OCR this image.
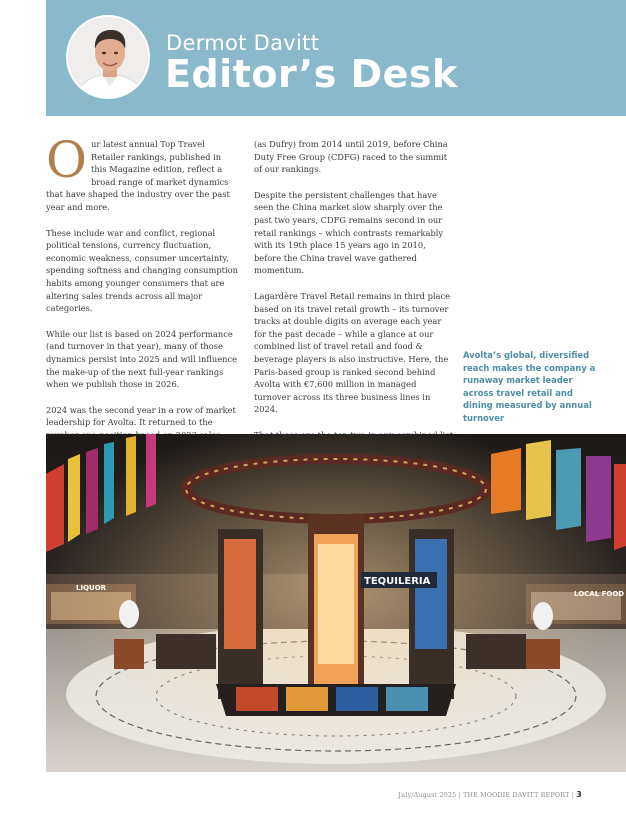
Dermot Davitt
Editor’s Desk

Our latest annual Top Travel Retailer rankings, published in this Magazine edition, reflect a broad range of market dynamics that have shaped the industry over the past year and more.

These include war and conflict, regional political tensions, currency fluctuation, economic weakness, consumer uncertainty, spending softness and changing consumption habits among younger consumers that are altering sales trends across all major categories.

While our list is based on 2024 performance (and turnover in that year), many of those dynamics persist into 2025 and will influence the make-up of the next full-year rankings when we publish those in 2026.

2024 was the second year in a row of market leadership for Avolta. It returned to the

(as Dufry) from 2014 until 2019, before China Duty Free Group (CDFG) raced to the summit of our rankings.

Despite the persistent challenges that have seen the China market slow sharply over the past two years, CDFG remains second in our retail rankings – which contrasts remarkably with its 19th place 15 years ago in 2010, before the China travel wave gathered momentum.

Lagardère Travel Retail remains in third place based on its travel retail growth – its turnover tracks at double digits on average each year for the past decade – while a glance at our combined list of travel retail and food & beverage players is also instructive. Here, the Paris-based group is ranked second behind Avolta with €7,600 million in managed turnover across its three business lines in 2024.

Avolta’s global, diversified reach makes the company a runaway market leader across travel retail and dining measured by annual turnover
TEQUILERIA
July/August 2025 | THE MOODIE DAVITT REPORT | 3
